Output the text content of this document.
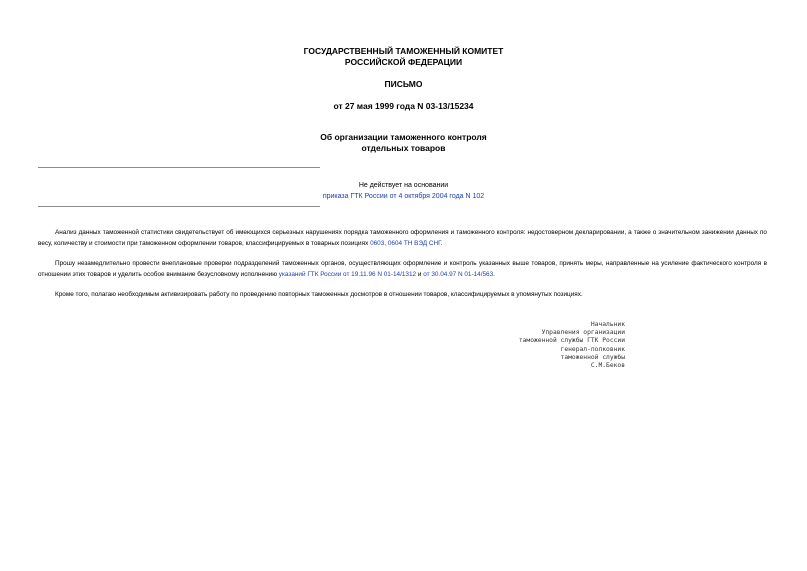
ГОСУДАРСТВЕННЫЙ ТАМОЖЕННЫЙ КОМИТЕТ
РОССИЙСКОЙ ФЕДЕРАЦИИ
ПИСЬМО
от 27 мая 1999 года N 03-13/15234
Об организации таможенного контроля
отдельных товаров
Не действует на основании
приказа ГТК России от 4 октября 2004 года N 102

Анализ данных таможенной статистики свидетельствует об имеющихся серьезных нарушениях порядка таможенного оформления и таможенного контроля: недостоверном декларировании, а также о значительном занижении данных по весу, количеству и стоимости при таможенном оформлении товаров, классифицируемых в товарных позициях 0603, 0604 ТН ВЭД СНГ.

Прошу незамедлительно провести внеплановые проверки подразделений таможенных органов, осуществляющих оформление и контроль указанных выше товаров, принять меры, направленные на усиление фактического контроля в отношении этих товаров и уделить особое внимание безусловному исполнению указаний ГТК России от 19.11.96 N 01-14/1312 и от 30.04.97 N 01-14/563.

Кроме того, полагаю необходимым активизировать работу по проведению повторных таможенных досмотров в отношении товаров, классифицируемых в упомянутых позициях.

Начальник
Управления организации
таможенной службы ГТК России
генерал-полковник
таможенной службы
С.М.Беков
